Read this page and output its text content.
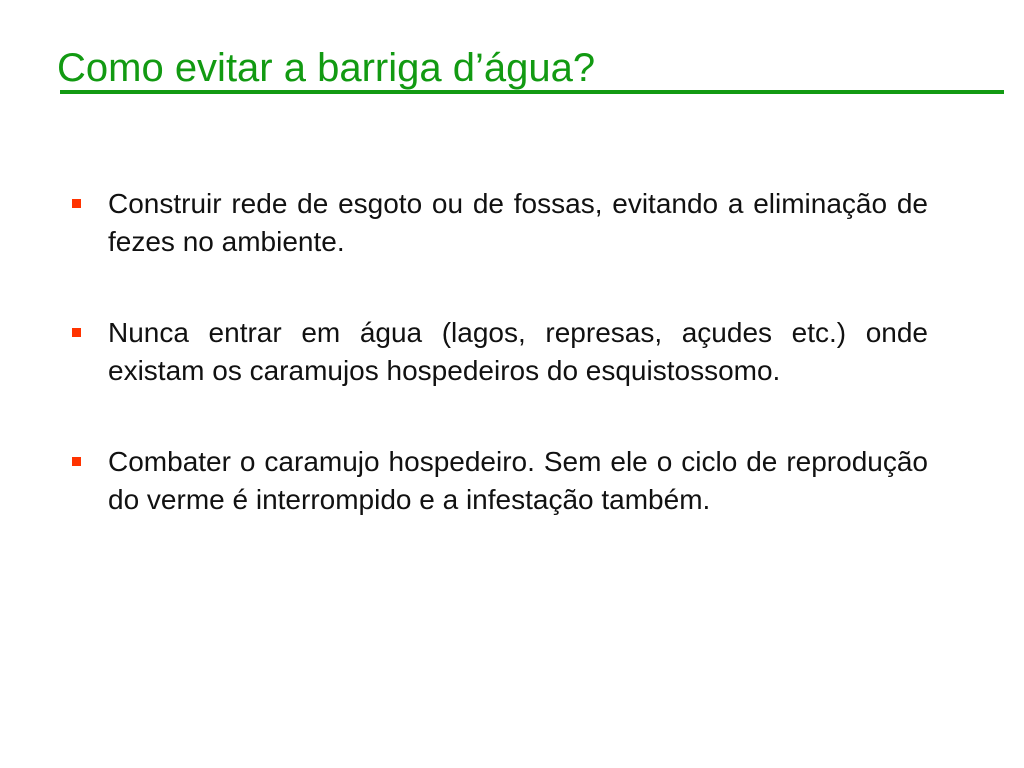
Como evitar a barriga d’água?
Construir rede de esgoto ou de fossas, evitando a eliminação de fezes no ambiente.
Nunca entrar em água (lagos, represas, açudes etc.) onde existam os caramujos hospedeiros do esquistossomo.
Combater o caramujo hospedeiro. Sem ele o ciclo de reprodução do verme é interrompido e a infestação também.
